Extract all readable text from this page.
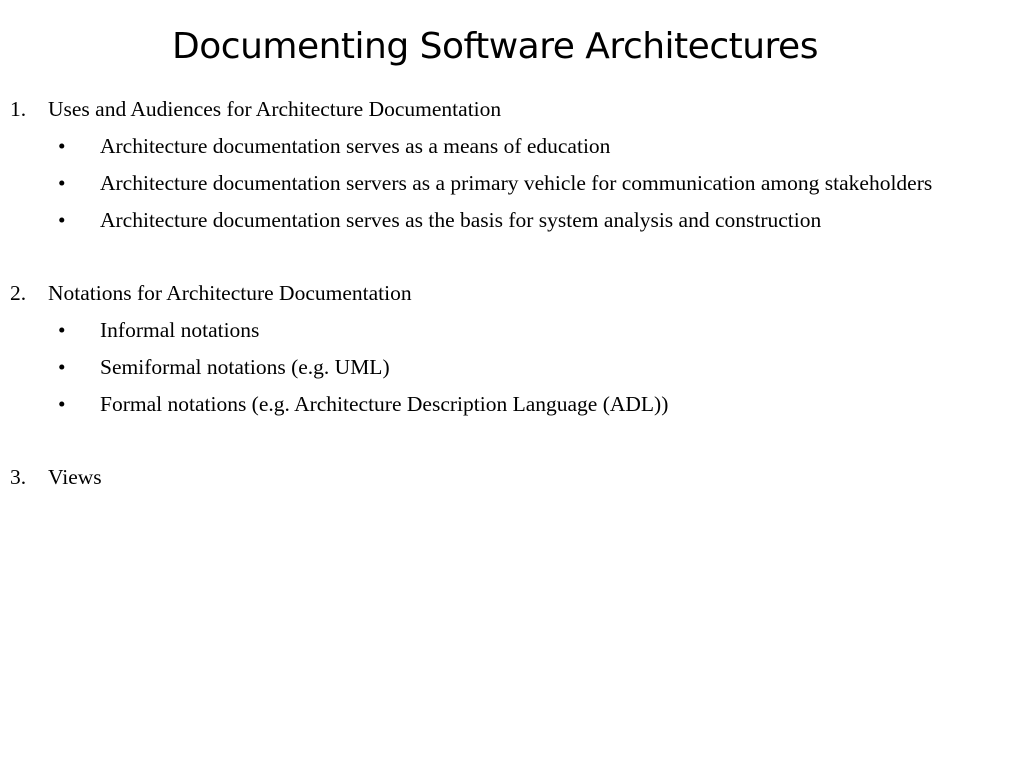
Documenting Software Architectures
1.	Uses and Audiences for Architecture Documentation
•	Architecture documentation serves as a means of education
•	Architecture documentation servers as a primary vehicle for communication among stakeholders
•	Architecture documentation serves as the basis for system analysis and construction
2.	Notations for Architecture Documentation
•	Informal notations
•	Semiformal notations (e.g. UML)
•	Formal notations (e.g. Architecture Description Language (ADL))
3.	Views
